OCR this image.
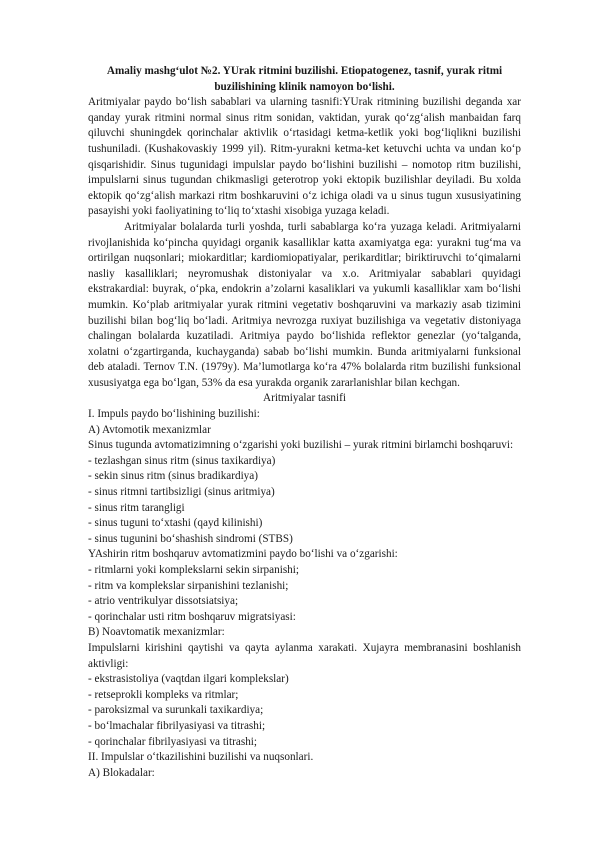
Amaliy mashg‘ulot №2. YUrak ritmini buzilishi. Etiopatogenez, tasnif, yurak ritmi

buzilishining klinik namoyon bo‘lishi.

Aritmiyalar paydo bo‘lish sabablari va ularning tasnifi:YUrak ritmining buzilishi deganda xar qanday yurak ritmini normal sinus ritm sonidan, vaktidan, yurak qo‘zg‘alish manbaidan farq qiluvchi shuningdek qorinchalar aktivlik o‘rtasidagi ketma-ketlik yoki bog‘liqlikni buzilishi tushuniladi. (Kushakovaskiy 1999 yil). Ritm-yurakni ketma-ket ketuvchi uchta va undan ko‘p qisqarishidir. Sinus tugunidagi impulslar paydo bo‘lishini buzilishi – nomotop ritm buzilishi, impulslarni sinus tugundan chikmasligi geterotrop yoki ektopik buzilishlar deyiladi. Bu xolda ektopik qo‘zg‘alish markazi ritm boshkaruvini o‘z ichiga oladi va u sinus tugun xususiyatining pasayishi yoki faoliyatining to‘liq to‘xtashi xisobiga yuzaga keladi.

Aritmiyalar bolalarda turli yoshda, turli sabablarga ko‘ra yuzaga keladi. Aritmiyalarni rivojlanishida ko‘pincha quyidagi organik kasalliklar katta axamiyatga ega: yurakni tug‘ma va ortirilgan nuqsonlari; miokarditlar; kardiomiopatiyalar, perikarditlar; biriktiruvchi to‘qimalarni nasliy kasalliklari; neyromushak distoniyalar va x.o. Aritmiyalar sabablari quyidagi ekstrakardial: buyrak, o‘pka, endokrin a’zolarni kasaliklari va yukumli kasalliklar xam bo‘lishi mumkin. Ko‘plab aritmiyalar yurak ritmini vegetativ boshqaruvini va markaziy asab tizimini buzilishi bilan bog‘liq bo‘ladi. Aritmiya nevrozga ruxiyat buzilishiga va vegetativ distoniyaga chalingan bolalarda kuzatiladi. Aritmiya paydo bo‘lishida reflektor genezlar (yo‘talganda, xolatni o‘zgartirganda, kuchayganda) sabab bo‘lishi mumkin. Bunda aritmiyalarni funksional deb ataladi. Ternov T.N. (1979y). Ma’lumotlarga ko‘ra 47% bolalarda ritm buzilishi funksional xususiyatga ega bo‘lgan, 53% da esa yurakda organik zararlanishlar bilan kechgan.

Aritmiyalar tasnifi

I. Impuls paydo bo‘lishining buzilishi:

A) Avtomotik mexanizmlar

Sinus tugunda avtomatizimning o‘zgarishi yoki buzilishi – yurak ritmini birlamchi boshqaruvi:

- tezlashgan sinus ritm (sinus taxikardiya)

- sekin sinus ritm (sinus bradikardiya)

- sinus ritmni tartibsizligi (sinus aritmiya)

- sinus ritm tarangligi

- sinus tuguni to‘xtashi (qayd kilinishi)

- sinus tugunini bo‘shashish sindromi (STBS)

YAshirin ritm boshqaruv avtomatizmini paydo bo‘lishi va o‘zgarishi:

- ritmlarni yoki komplekslarni sekin sirpanishi;

- ritm va komplekslar sirpanishini tezlanishi;

- atrio ventrikulyar dissotsiatsiya;

- qorinchalar usti ritm boshqaruv migratsiyasi:

B) Noavtomatik mexanizmlar:

Impulslarni kirishini qaytishi va qayta aylanma xarakati. Xujayra membranasini boshlanish aktivligi:

- ekstrasistoliya (vaqtdan ilgari komplekslar)

- retseprokli kompleks va ritmlar;

- paroksizmal va surunkali taxikardiya;

- bo‘lmachalar fibrilyasiyasi va titrashi;

- qorinchalar fibrilyasiyasi va titrashi;

II. Impulslar o‘tkazilishini buzilishi va nuqsonlari.

A) Blokadalar:
